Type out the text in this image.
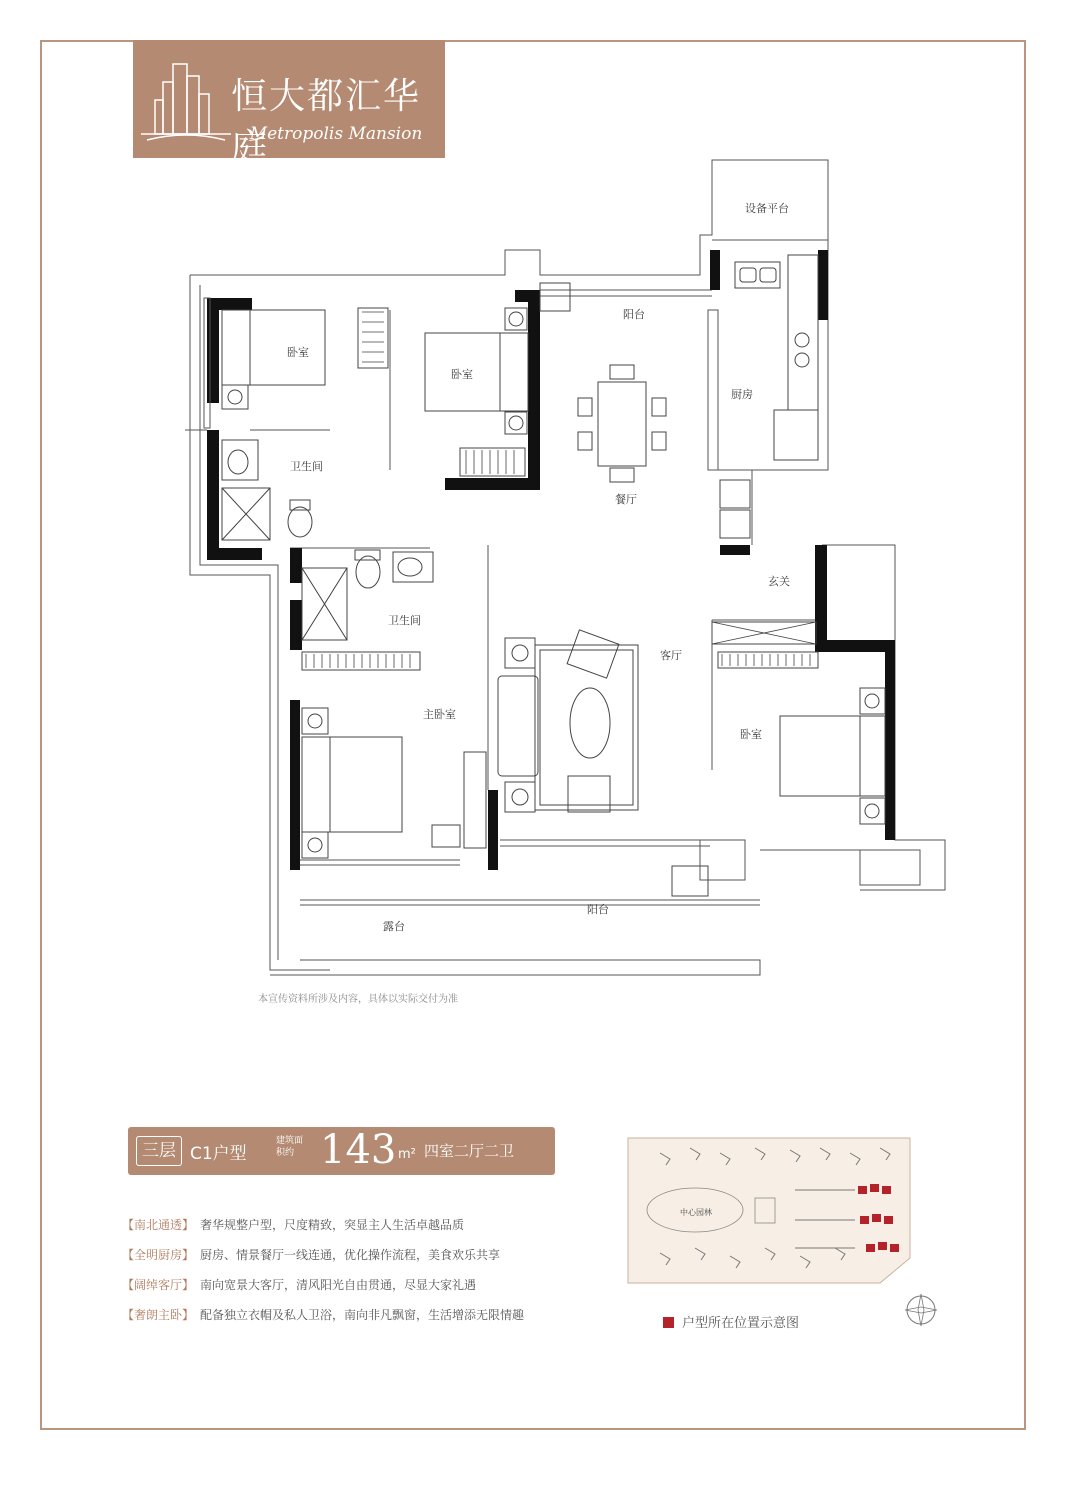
恒大都汇华庭
Metropolis Mansion
设备平台
阳台
卧室
卧室
厨房
卫生间
餐厅
玄关
卫生间
客厅
主卧室
卧室
露台
阳台
本宣传资料所涉及内容，具体以实际交付为准
三层 C1户型
建筑面积约 143 m² 四室二厅二卫
【南北通透】 奢华规整户型，尺度精致，突显主人生活卓越品质
【全明厨房】 厨房、情景餐厅一线连通，优化操作流程，美食欢乐共享
【阔绰客厅】 南向宽景大客厅，清风阳光自由贯通，尽显大家礼遇
【奢朗主卧】 配备独立衣帽及私人卫浴，南向非凡飘窗，生活增添无限情趣
中心园林
户型所在位置示意图
